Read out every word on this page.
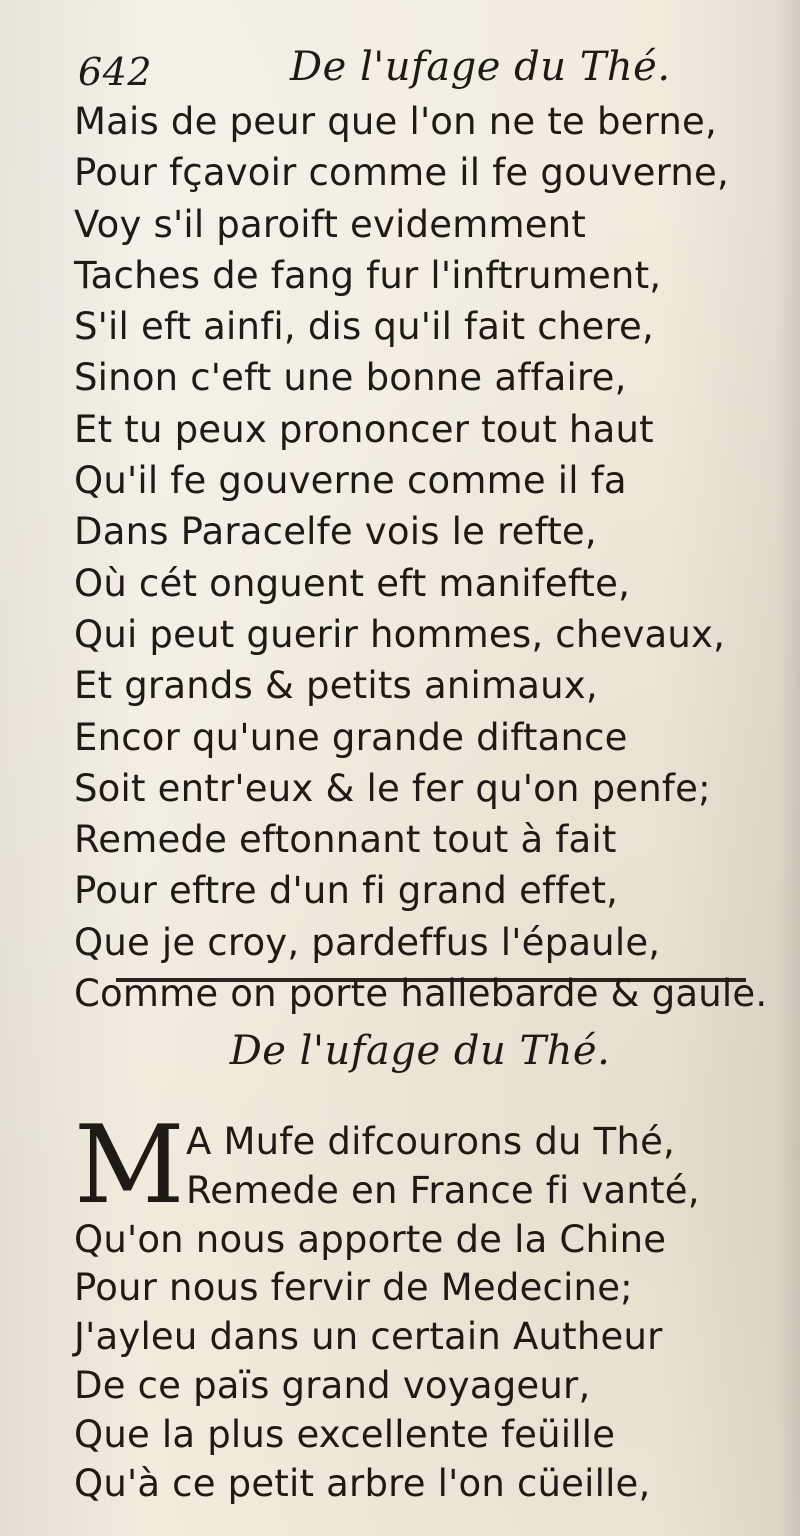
642	De l'ufage du Thé.
Mais de peur que l'on ne te berne,
Pour fçavoir comme il fe gouverne,
Voy s'il paroift evidemment
Taches de fang fur l'inftrument,
S'il eft ainfi, dis qu'il fait chere,
Sinon c'eft une bonne affaire,
Et tu peux prononcer tout haut
Qu'il fe gouverne comme il fa
Dans Paracelfe vois le refte,
Où cét onguent eft manifefte,
Qui peut guerir hommes, chevaux,
Et grands & petits animaux,
Encor qu'une grande diftance
Soit entr'eux & le fer qu'on penfe;
Remede eftonnant tout à fait
Pour eftre d'un fi grand effet,
Que je croy, pardeffus l'épaule,
Comme on porte hallebarde & gaule.
De l'ufage du Thé.
M A Mufe difcourons du Thé,
Remede en France fi vanté,
Qu'on nous apporte de la Chine
Pour nous fervir de Medecine;
J'ayleu dans un certain Autheur
De ce païs grand voyageur,
Que la plus excellente feüille
Qu'à ce petit arbre l'on cüeille,
